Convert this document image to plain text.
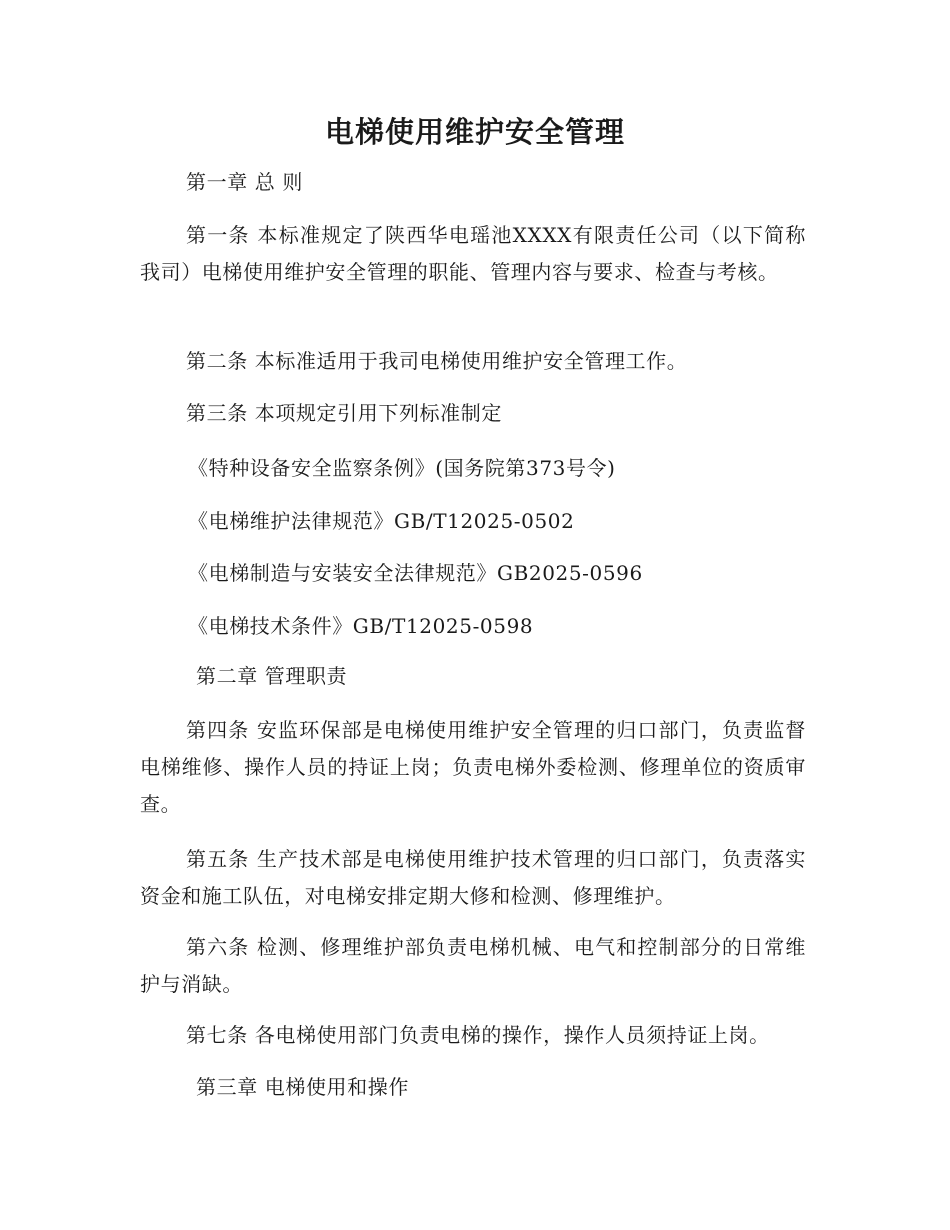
电梯使用维护安全管理
第一章 总 则
第一条 本标准规定了陕西华电瑶池XXXX有限责任公司（以下简称我司）电梯使用维护安全管理的职能、管理内容与要求、检查与考核。
第二条 本标准适用于我司电梯使用维护安全管理工作。
第三条 本项规定引用下列标准制定
《特种设备安全监察条例》(国务院第373号令)
《电梯维护法律规范》GB/T12025-0502
《电梯制造与安装安全法律规范》GB2025-0596
《电梯技术条件》GB/T12025-0598
第二章 管理职责
第四条 安监环保部是电梯使用维护安全管理的归口部门，负责监督电梯维修、操作人员的持证上岗；负责电梯外委检测、修理单位的资质审查。
第五条 生产技术部是电梯使用维护技术管理的归口部门，负责落实资金和施工队伍，对电梯安排定期大修和检测、修理维护。
第六条 检测、修理维护部负责电梯机械、电气和控制部分的日常维护与消缺。
第七条 各电梯使用部门负责电梯的操作，操作人员须持证上岗。
第三章 电梯使用和操作
